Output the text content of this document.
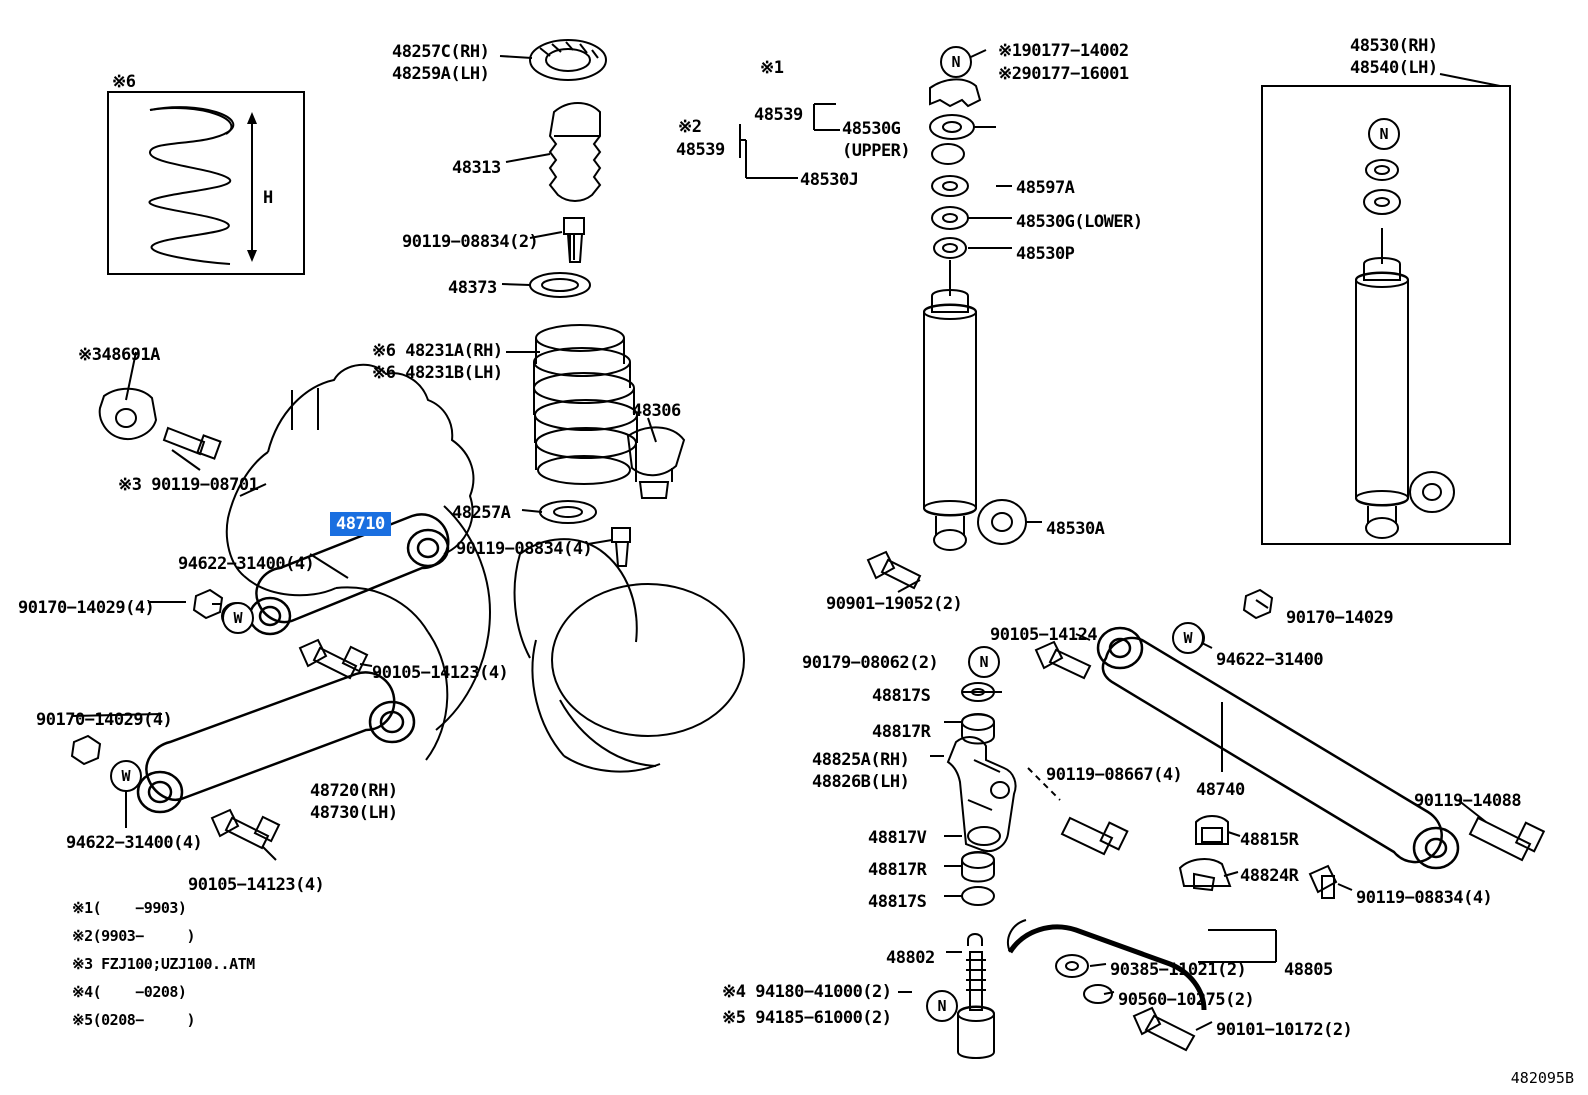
※6
H
48257C(RH)
48259A(LH)
48313
90119−08834(2)
48373
※6 48231A(RH)
※6 48231B(LH)
48306
48257A
90119−08834(4)
※348691A
※3 90119−08701
94622−31400(4)
90170−14029(4)
90105−14123(4)
90170−14029(4)
48720(RH)
48730(LH)
94622−31400(4)
90105−14123(4)
※1
48539
※2
48539
※190177−14002
※290177−16001
48530G
(UPPER)
48530J	48597A
48530G(LOWER)
48530P
48530A
90901−19052(2)
48530(RH)
48540(LH)
90105−14124
90179−08062(2)
90170−14029
94622−31400
48817S
48817R
48825A(RH)
48826B(LH)	90119−08667(4)
48740
90119−14088
48817V	48815R
48817R	48824R
48817S	90119−08834(4)
48802
90385−11021(2) 48805
90560−10275(2)
※4 94180−41000(2)
※5 94185−61000(2)
90101−10172(2)
48710
N
N
W
W
N
W
N
※1(    −9903)
※2(9903−     )
※3 FZJ100;UZJ100..ATM
※4(    −0208)
※5(0208−     )
482095B
